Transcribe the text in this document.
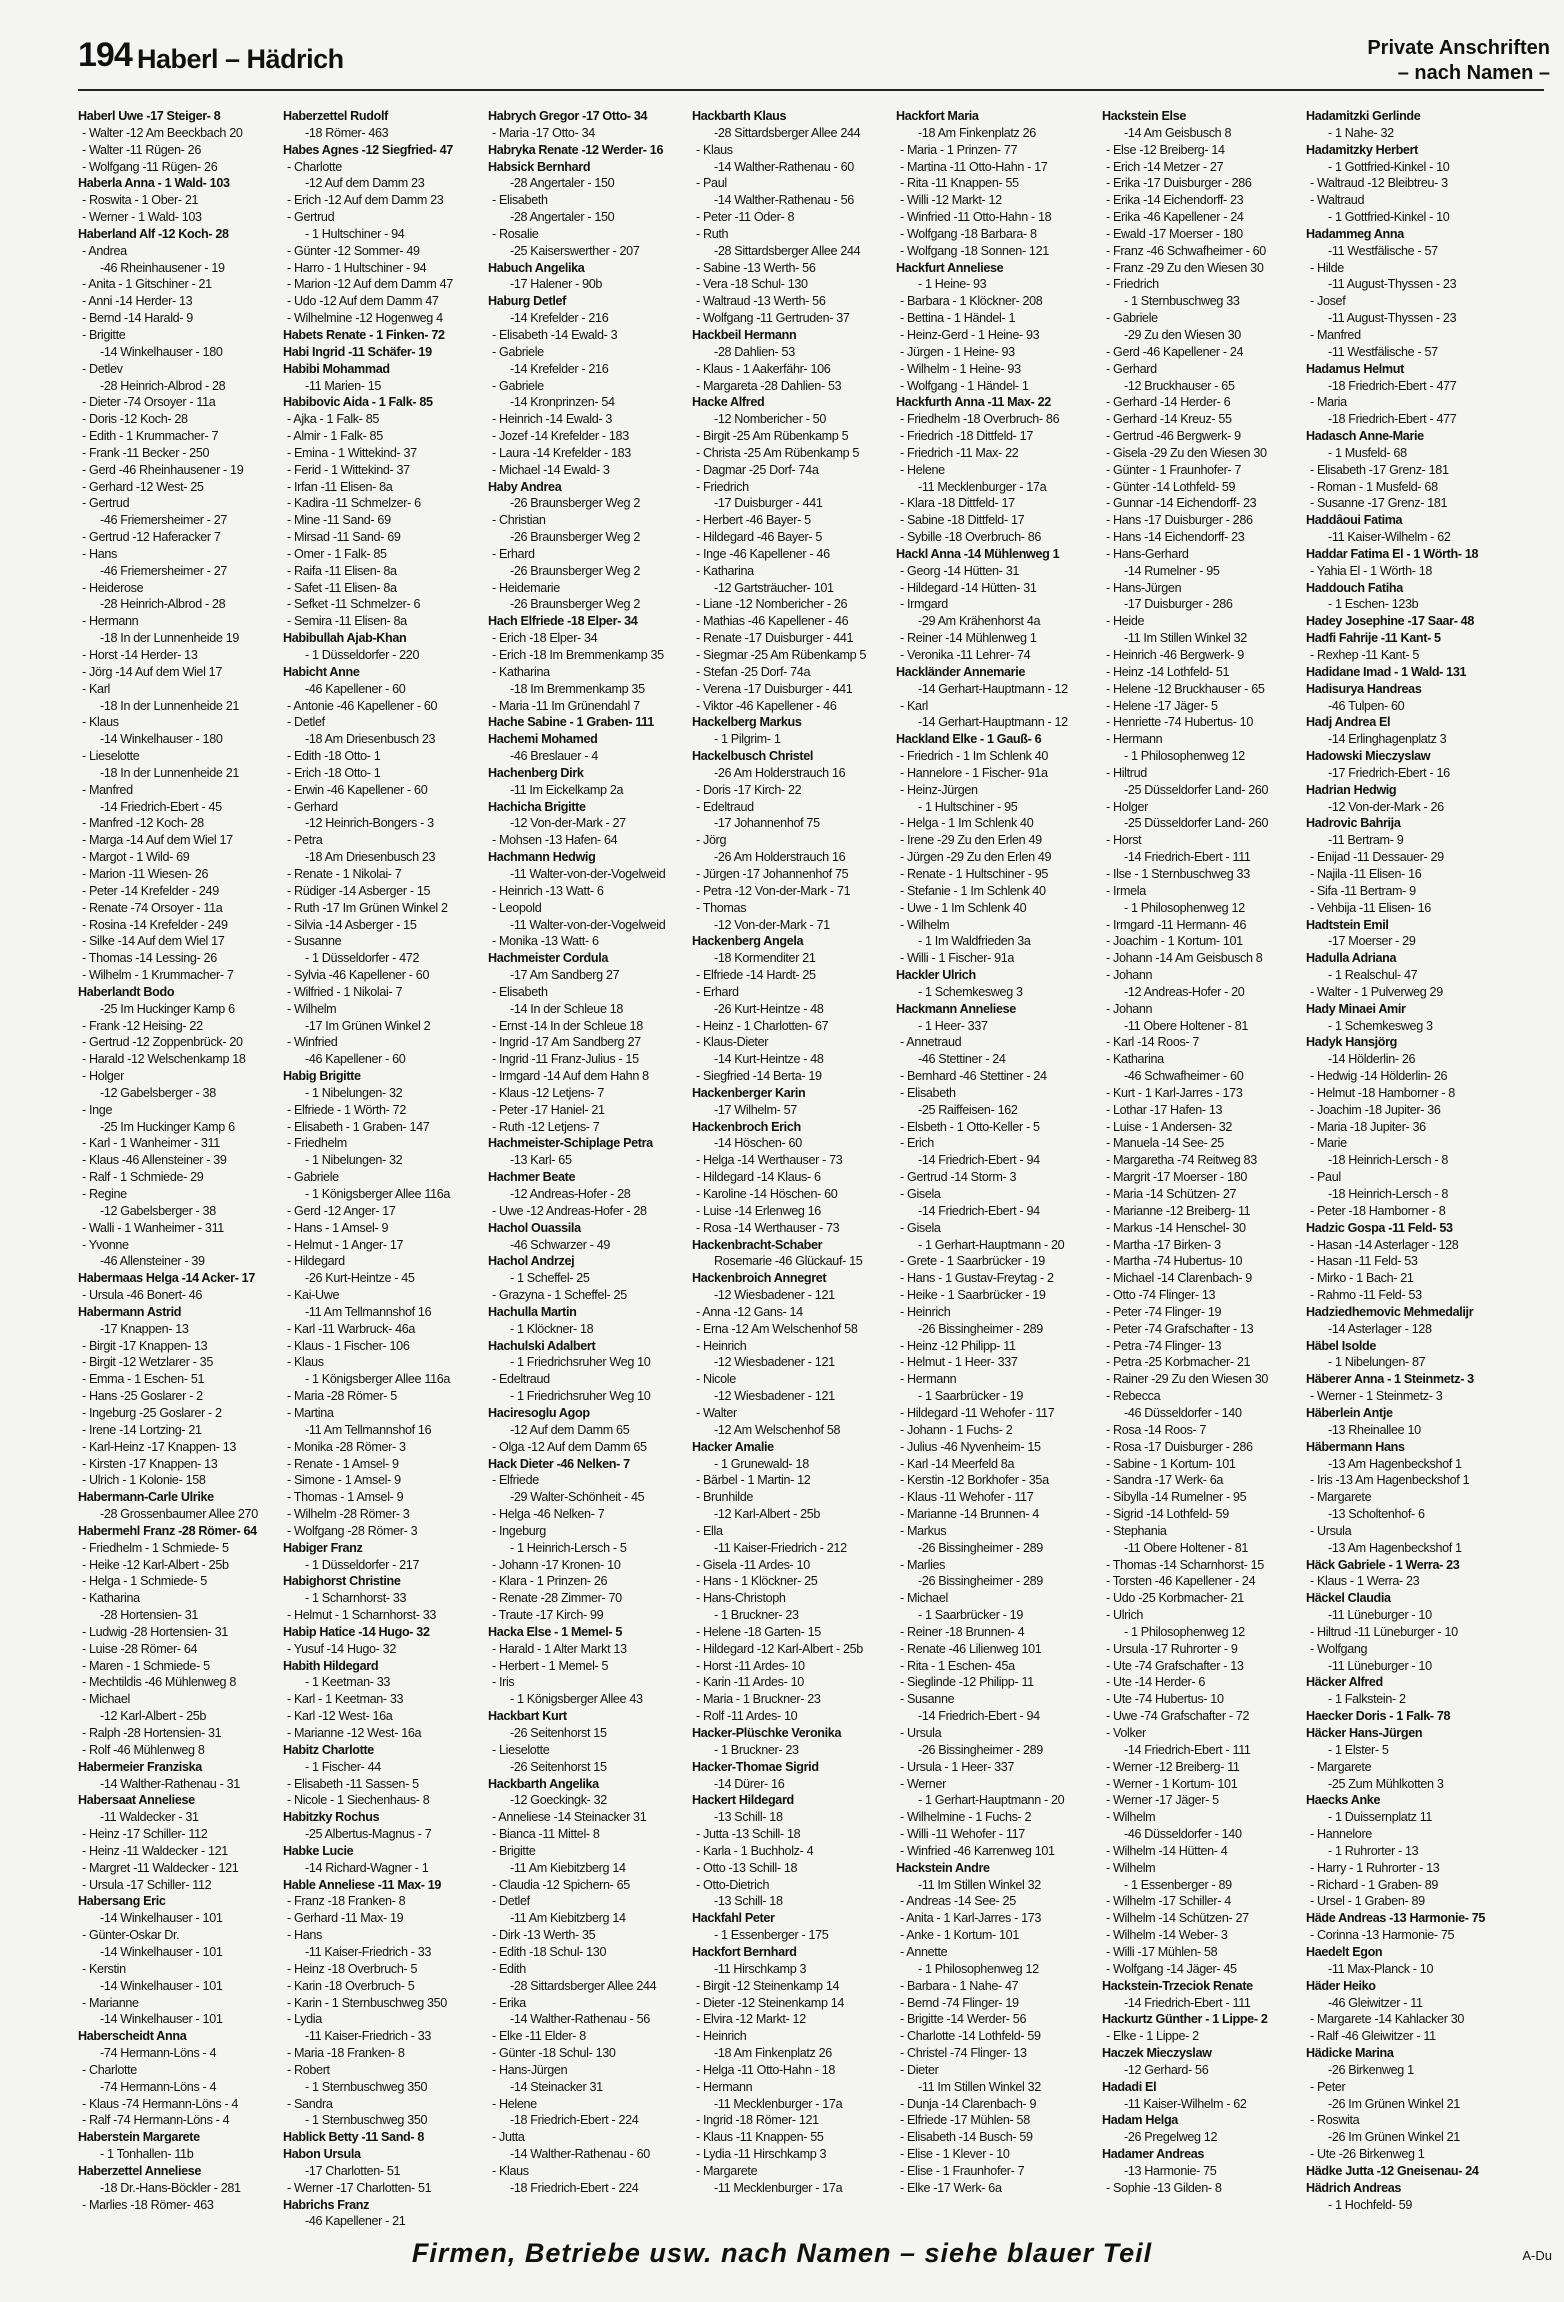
194 Haberl – Hädrich	Private Anschriften
– nach Namen –
Haberl Uwe -17 Steiger- 8
- Walter -12 Am Beeckbach 20
- Walter -11 Rügen- 26
- Wolfgang -11 Rügen- 26
Haberla Anna - 1 Wald- 103
- Roswita - 1 Ober- 21
- Werner - 1 Wald- 103
Haberland Alf -12 Koch- 28
- Andrea
-46 Rheinhausener - 19
- Anita - 1 Gitschiner - 21
- Anni -14 Herder- 13
- Bernd -14 Harald- 9
- Brigitte
-14 Winkelhauser - 180
- Detlev
-28 Heinrich-Albrod - 28
- Dieter -74 Orsoyer - 11a
- Doris -12 Koch- 28
- Edith - 1 Krummacher- 7
- Frank -11 Becker - 250
- Gerd -46 Rheinhausener - 19
- Gerhard -12 West- 25
- Gertrud
-46 Friemersheimer - 27
- Gertrud -12 Haferacker 7
- Hans
-46 Friemersheimer - 27
- Heiderose
-28 Heinrich-Albrod - 28
- Hermann
-18 In der Lunnenheide 19
- Horst -14 Herder- 13
- Jörg -14 Auf dem Wiel 17
- Karl
-18 In der Lunnenheide 21
- Klaus
-14 Winkelhauser - 180
- Lieselotte
-18 In der Lunnenheide 21
- Manfred
-14 Friedrich-Ebert - 45
- Manfred -12 Koch- 28
- Marga -14 Auf dem Wiel 17
- Margot - 1 Wild- 69
- Marion -11 Wiesen- 26
- Peter -14 Krefelder - 249
- Renate -74 Orsoyer - 11a
- Rosina -14 Krefelder - 249
- Silke -14 Auf dem Wiel 17
- Thomas -14 Lessing- 26
- Wilhelm - 1 Krummacher- 7
Haberlandt Bodo
-25 Im Huckinger Kamp 6
- Frank -12 Heising- 22
- Gertrud -12 Zoppenbrück- 20
- Harald -12 Welschenkamp 18
- Holger
-12 Gabelsberger - 38
- Inge
-25 Im Huckinger Kamp 6
- Karl - 1 Wanheimer - 311
- Klaus -46 Allensteiner - 39
- Ralf - 1 Schmiede- 29
- Regine
-12 Gabelsberger - 38
- Walli - 1 Wanheimer - 311
- Yvonne
-46 Allensteiner - 39
Habermaas Helga -14 Acker- 17
- Ursula -46 Bonert- 46
Habermann Astrid
-17 Knappen- 13
- Birgit -17 Knappen- 13
- Birgit -12 Wetzlarer - 35
- Emma - 1 Eschen- 51
- Hans -25 Goslarer - 2
- Ingeburg -25 Goslarer - 2
- Irene -14 Lortzing- 21
- Karl-Heinz -17 Knappen- 13
- Kirsten -17 Knappen- 13
- Ulrich - 1 Kolonie- 158
Habermann-Carle Ulrike
-28 Grossenbaumer Allee 270
Habermehl Franz -28 Römer- 64
- Friedhelm - 1 Schmiede- 5
- Heike -12 Karl-Albert - 25b
- Helga - 1 Schmiede- 5
- Katharina
-28 Hortensien- 31
- Ludwig -28 Hortensien- 31
- Luise -28 Römer- 64
- Maren - 1 Schmiede- 5
- Mechtildis -46 Mühlenweg 8
- Michael
-12 Karl-Albert - 25b
- Ralph -28 Hortensien- 31
- Rolf -46 Mühlenweg 8
Habermeier Franziska
-14 Walther-Rathenau - 31
Habersaat Anneliese
-11 Waldecker - 31
- Heinz -17 Schiller- 112
- Heinz -11 Waldecker - 121
- Margret -11 Waldecker - 121
- Ursula -17 Schiller- 112
Habersang Eric
-14 Winkelhauser - 101
- Günter-Oskar Dr.
-14 Winkelhauser - 101
- Kerstin
-14 Winkelhauser - 101
- Marianne
-14 Winkelhauser - 101
Haberscheidt Anna
-74 Hermann-Löns - 4
- Charlotte
-74 Hermann-Löns - 4
- Klaus -74 Hermann-Löns - 4
- Ralf -74 Hermann-Löns - 4
Haberstein Margarete
- 1 Tonhallen- 11b
Haberzettel Anneliese
-18 Dr.-Hans-Böckler - 281
- Marlies -18 Römer- 463
Haberzettel Rudolf
-18 Römer- 463
Habes Agnes -12 Siegfried- 47
- Charlotte
-12 Auf dem Damm 23
- Erich -12 Auf dem Damm 23
- Gertrud
- 1 Hultschiner - 94
- Günter -12 Sommer- 49
- Harro - 1 Hultschiner - 94
- Marion -12 Auf dem Damm 47
- Udo -12 Auf dem Damm 47
- Wilhelmine -12 Hogenweg 4
Habets Renate - 1 Finken- 72
Habi Ingrid -11 Schäfer- 19
Habibi Mohammad
-11 Marien- 15
Habibovic Aida - 1 Falk- 85
- Ajka - 1 Falk- 85
- Almir - 1 Falk- 85
- Emina - 1 Wittekind- 37
- Ferid - 1 Wittekind- 37
- Irfan -11 Elisen- 8a
- Kadira -11 Schmelzer- 6
- Mine -11 Sand- 69
- Mirsad -11 Sand- 69
- Omer - 1 Falk- 85
- Raifa -11 Elisen- 8a
- Safet -11 Elisen- 8a
- Sefket -11 Schmelzer- 6
- Semira -11 Elisen- 8a
Habibullah Ajab-Khan
- 1 Düsseldorfer - 220
Habicht Anne
-46 Kapellener - 60
- Antonie -46 Kapellener - 60
- Detlef
-18 Am Driesenbusch 23
- Edith -18 Otto- 1
- Erich -18 Otto- 1
- Erwin -46 Kapellener - 60
- Gerhard
-12 Heinrich-Bongers - 3
- Petra
-18 Am Driesenbusch 23
- Renate - 1 Nikolai- 7
- Rüdiger -14 Asberger - 15
- Ruth -17 Im Grünen Winkel 2
- Silvia -14 Asberger - 15
- Susanne
- 1 Düsseldorfer - 472
- Sylvia -46 Kapellener - 60
- Wilfried - 1 Nikolai- 7
- Wilhelm
-17 Im Grünen Winkel 2
- Winfried
-46 Kapellener - 60
Habig Brigitte
- 1 Nibelungen- 32
- Elfriede - 1 Wörth- 72
- Elisabeth - 1 Graben- 147
- Friedhelm
- 1 Nibelungen- 32
- Gabriele
- 1 Königsberger Allee 116a
- Gerd -12 Anger- 17
- Hans - 1 Amsel- 9
- Helmut - 1 Anger- 17
- Hildegard
-26 Kurt-Heintze - 45
- Kai-Uwe
-11 Am Tellmannshof 16
- Karl -11 Warbruck- 46a
- Klaus - 1 Fischer- 106
- Klaus
- 1 Königsberger Allee 116a
- Maria -28 Römer- 5
- Martina
-11 Am Tellmannshof 16
- Monika -28 Römer- 3
- Renate - 1 Amsel- 9
- Simone - 1 Amsel- 9
- Thomas - 1 Amsel- 9
- Wilhelm -28 Römer- 3
- Wolfgang -28 Römer- 3
Habiger Franz
- 1 Düsseldorfer - 217
Habighorst Christine
- 1 Scharnhorst- 33
- Helmut - 1 Scharnhorst- 33
Habip Hatice -14 Hugo- 32
- Yusuf -14 Hugo- 32
Habith Hildegard
- 1 Keetman- 33
- Karl - 1 Keetman- 33
- Karl -12 West- 16a
- Marianne -12 West- 16a
Habitz Charlotte
- 1 Fischer- 44
- Elisabeth -11 Sassen- 5
- Nicole - 1 Siechenhaus- 8
Habitzky Rochus
-25 Albertus-Magnus - 7
Habke Lucie
-14 Richard-Wagner - 1
Hable Anneliese -11 Max- 19
- Franz -18 Franken- 8
- Gerhard -11 Max- 19
- Hans
-11 Kaiser-Friedrich - 33
- Heinz -18 Overbruch- 5
- Karin -18 Overbruch- 5
- Karin - 1 Sternbuschweg 350
- Lydia
-11 Kaiser-Friedrich - 33
- Maria -18 Franken- 8
- Robert
- 1 Sternbuschweg 350
- Sandra
- 1 Sternbuschweg 350
Hablick Betty -11 Sand- 8
Habon Ursula
-17 Charlotten- 51
- Werner -17 Charlotten- 51
Habrichs Franz
-46 Kapellener - 21
Habrych Gregor -17 Otto- 34
- Maria -17 Otto- 34
Habryka Renate -12 Werder- 16
Habsick Bernhard
-28 Angertaler - 150
- Elisabeth
-28 Angertaler - 150
- Rosalie
-25 Kaiserswerther - 207
Habuch Angelika
-17 Halener - 90b
Haburg Detlef
-14 Krefelder - 216
- Elisabeth -14 Ewald- 3
- Gabriele
-14 Krefelder - 216
- Gabriele
-14 Kronprinzen- 54
- Heinrich -14 Ewald- 3
- Jozef -14 Krefelder - 183
- Laura -14 Krefelder - 183
- Michael -14 Ewald- 3
Haby Andrea
-26 Braunsberger Weg 2
- Christian
-26 Braunsberger Weg 2
- Erhard
-26 Braunsberger Weg 2
- Heidemarie
-26 Braunsberger Weg 2
Hach Elfriede -18 Elper- 34
- Erich -18 Elper- 34
- Erich -18 Im Bremmenkamp 35
- Katharina
-18 Im Bremmenkamp 35
- Maria -11 Im Grünendahl 7
Hache Sabine - 1 Graben- 111
Hachemi Mohamed
-46 Breslauer - 4
Hachenberg Dirk
-11 Im Eickelkamp 2a
Hachicha Brigitte
-12 Von-der-Mark - 27
- Mohsen -13 Hafen- 64
Hachmann Hedwig
-11 Walter-von-der-Vogelweid
- Heinrich -13 Watt- 6
- Leopold
-11 Walter-von-der-Vogelweid
- Monika -13 Watt- 6
Hachmeister Cordula
-17 Am Sandberg 27
- Elisabeth
-14 In der Schleue 18
- Ernst -14 In der Schleue 18
- Ingrid -17 Am Sandberg 27
- Ingrid -11 Franz-Julius - 15
- Irmgard -14 Auf dem Hahn 8
- Klaus -12 Letjens- 7
- Peter -17 Haniel- 21
- Ruth -12 Letjens- 7
Hachmeister-Schiplage Petra
-13 Karl- 65
Hachmer Beate
-12 Andreas-Hofer - 28
- Uwe -12 Andreas-Hofer - 28
Hachol Ouassila
-46 Schwarzer - 49
Hachol Andrzej
- 1 Scheffel- 25
- Grazyna - 1 Scheffel- 25
Hachulla Martin
- 1 Klöckner- 18
Hachulski Adalbert
- 1 Friedrichsruher Weg 10
- Edeltraud
- 1 Friedrichsruher Weg 10
Haciresoglu Agop
-12 Auf dem Damm 65
- Olga -12 Auf dem Damm 65
Hack Dieter -46 Nelken- 7
- Elfriede
-29 Walter-Schönheit - 45
- Helga -46 Nelken- 7
- Ingeburg
- 1 Heinrich-Lersch - 5
- Johann -17 Kronen- 10
- Klara - 1 Prinzen- 26
- Renate -28 Zimmer- 70
- Traute -17 Kirch- 99
Hacka Else - 1 Memel- 5
- Harald - 1 Alter Markt 13
- Herbert - 1 Memel- 5
- Iris
- 1 Königsberger Allee 43
Hackbart Kurt
-26 Seitenhorst 15
- Lieselotte
-26 Seitenhorst 15
Hackbarth Angelika
-12 Goeckingk- 32
- Anneliese -14 Steinacker 31
- Bianca -11 Mittel- 8
- Brigitte
-11 Am Kiebitzberg 14
- Claudia -12 Spichern- 65
- Detlef
-11 Am Kiebitzberg 14
- Dirk -13 Werth- 35
- Edith -18 Schul- 130
- Edith
-28 Sittardsberger Allee 244
- Erika
-14 Walther-Rathenau - 56
- Elke -11 Elder- 8
- Günter -18 Schul- 130
- Hans-Jürgen
-14 Steinacker 31
- Helene
-18 Friedrich-Ebert - 224
- Jutta
-14 Walther-Rathenau - 60
- Klaus
-18 Friedrich-Ebert - 224
Hackbarth Klaus
-28 Sittardsberger Allee 244
- Klaus
-14 Walther-Rathenau - 60
- Paul
-14 Walther-Rathenau - 56
- Peter -11 Oder- 8
- Ruth
-28 Sittardsberger Allee 244
- Sabine -13 Werth- 56
- Vera -18 Schul- 130
- Waltraud -13 Werth- 56
- Wolfgang -11 Gertruden- 37
Hackbeil Hermann
-28 Dahlien- 53
- Klaus - 1 Aakerfähr- 106
- Margareta -28 Dahlien- 53
Hacke Alfred
-12 Nombericher - 50
- Birgit -25 Am Rübenkamp 5
- Christa -25 Am Rübenkamp 5
- Dagmar -25 Dorf- 74a
- Friedrich
-17 Duisburger - 441
- Herbert -46 Bayer- 5
- Hildegard -46 Bayer- 5
- Inge -46 Kapellener - 46
- Katharina
-12 Gartsträucher- 101
- Liane -12 Nombericher - 26
- Mathias -46 Kapellener - 46
- Renate -17 Duisburger - 441
- Siegmar -25 Am Rübenkamp 5
- Stefan -25 Dorf- 74a
- Verena -17 Duisburger - 441
- Viktor -46 Kapellener - 46
Hackelberg Markus
- 1 Pilgrim- 1
Hackelbusch Christel
-26 Am Holderstrauch 16
- Doris -17 Kirch- 22
- Edeltraud
-17 Johannenhof 75
- Jörg
-26 Am Holderstrauch 16
- Jürgen -17 Johannenhof 75
- Petra -12 Von-der-Mark - 71
- Thomas
-12 Von-der-Mark - 71
Hackenberg Angela
-18 Kormenditer 21
- Elfriede -14 Hardt- 25
- Erhard
-26 Kurt-Heintze - 48
- Heinz - 1 Charlotten- 67
- Klaus-Dieter
-14 Kurt-Heintze - 48
- Siegfried -14 Berta- 19
Hackenberger Karin
-17 Wilhelm- 57
Hackenbroch Erich
-14 Höschen- 60
- Helga -14 Werthauser - 73
- Hildegard -14 Klaus- 6
- Karoline -14 Höschen- 60
- Luise -14 Erlenweg 16
- Rosa -14 Werthauser - 73
Hackenbracht-Schaber
Rosemarie -46 Glückauf- 15
Hackenbroich Annegret
-12 Wiesbadener - 121
- Anna -12 Gans- 14
- Erna -12 Am Welschenhof 58
- Heinrich
-12 Wiesbadener - 121
- Nicole
-12 Wiesbadener - 121
- Walter
-12 Am Welschenhof 58
Hacker Amalie
- 1 Grunewald- 18
- Bärbel - 1 Martin- 12
- Brunhilde
-12 Karl-Albert - 25b
- Ella
-11 Kaiser-Friedrich - 212
- Gisela -11 Ardes- 10
- Hans - 1 Klöckner- 25
- Hans-Christoph
- 1 Bruckner- 23
- Helene -18 Garten- 15
- Hildegard -12 Karl-Albert - 25b
- Horst -11 Ardes- 10
- Karin -11 Ardes- 10
- Maria - 1 Bruckner- 23
- Rolf -11 Ardes- 10
Hacker-Plüschke Veronika
- 1 Bruckner- 23
Hacker-Thomae Sigrid
-14 Dürer- 16
Hackert Hildegard
-13 Schill- 18
- Jutta -13 Schill- 18
- Karla - 1 Buchholz- 4
- Otto -13 Schill- 18
- Otto-Dietrich
-13 Schill- 18
Hackfahl Peter
- 1 Essenberger - 175
Hackfort Bernhard
-11 Hirschkamp 3
- Birgit -12 Steinenkamp 14
- Dieter -12 Steinenkamp 14
- Elvira -12 Markt- 12
- Heinrich
-18 Am Finkenplatz 26
- Helga -11 Otto-Hahn - 18
- Hermann
-11 Mecklenburger - 17a
- Ingrid -18 Römer- 121
- Klaus -11 Knappen- 55
- Lydia -11 Hirschkamp 3
- Margarete
-11 Mecklenburger - 17a
Hackfort Maria
-18 Am Finkenplatz 26
- Maria - 1 Prinzen- 77
- Martina -11 Otto-Hahn - 17
- Rita -11 Knappen- 55
- Willi -12 Markt- 12
- Winfried -11 Otto-Hahn - 18
- Wolfgang -18 Barbara- 8
- Wolfgang -18 Sonnen- 121
Hackfurt Anneliese
- 1 Heine- 93
- Barbara - 1 Klöckner- 208
- Bettina - 1 Händel- 1
- Heinz-Gerd - 1 Heine- 93
- Jürgen - 1 Heine- 93
- Wilhelm - 1 Heine- 93
- Wolfgang - 1 Händel- 1
Hackfurth Anna -11 Max- 22
- Friedhelm -18 Overbruch- 86
- Friedrich -18 Dittfeld- 17
- Friedrich -11 Max- 22
- Helene
-11 Mecklenburger - 17a
- Klara -18 Dittfeld- 17
- Sabine -18 Dittfeld- 17
- Sybille -18 Overbruch- 86
Hackl Anna -14 Mühlenweg 1
- Georg -14 Hütten- 31
- Hildegard -14 Hütten- 31
- Irmgard
-29 Am Krähenhorst 4a
- Reiner -14 Mühlenweg 1
- Veronika -11 Lehrer- 74
Hackländer Annemarie
-14 Gerhart-Hauptmann - 12
- Karl
-14 Gerhart-Hauptmann - 12
Hackland Elke - 1 Gauß- 6
- Friedrich - 1 Im Schlenk 40
- Hannelore - 1 Fischer- 91a
- Heinz-Jürgen
- 1 Hultschiner - 95
- Helga - 1 Im Schlenk 40
- Irene -29 Zu den Erlen 49
- Jürgen -29 Zu den Erlen 49
- Renate - 1 Hultschiner - 95
- Stefanie - 1 Im Schlenk 40
- Uwe - 1 Im Schlenk 40
- Wilhelm
- 1 Im Waldfrieden 3a
- Willi - 1 Fischer- 91a
Hackler Ulrich
- 1 Schemkesweg 3
Hackmann Anneliese
- 1 Heer- 337
- Annetraud
-46 Stettiner - 24
- Bernhard -46 Stettiner - 24
- Elisabeth
-25 Raiffeisen- 162
- Elsbeth - 1 Otto-Keller - 5
- Erich
-14 Friedrich-Ebert - 94
- Gertrud -14 Storm- 3
- Gisela
-14 Friedrich-Ebert - 94
- Gisela
- 1 Gerhart-Hauptmann - 20
- Grete - 1 Saarbrücker - 19
- Hans - 1 Gustav-Freytag - 2
- Heike - 1 Saarbrücker - 19
- Heinrich
-26 Bissingheimer - 289
- Heinz -12 Philipp- 11
- Helmut - 1 Heer- 337
- Hermann
- 1 Saarbrücker - 19
- Hildegard -11 Wehofer - 117
- Johann - 1 Fuchs- 2
- Julius -46 Nyvenheim- 15
- Karl -14 Meerfeld 8a
- Kerstin -12 Borkhofer - 35a
- Klaus -11 Wehofer - 117
- Marianne -14 Brunnen- 4
- Markus
-26 Bissingheimer - 289
- Marlies
-26 Bissingheimer - 289
- Michael
- 1 Saarbrücker - 19
- Reiner -18 Brunnen- 4
- Renate -46 Lilienweg 101
- Rita - 1 Eschen- 45a
- Sieglinde -12 Philipp- 11
- Susanne
-14 Friedrich-Ebert - 94
- Ursula
-26 Bissingheimer - 289
- Ursula - 1 Heer- 337
- Werner
- 1 Gerhart-Hauptmann - 20
- Wilhelmine - 1 Fuchs- 2
- Willi -11 Wehofer - 117
- Winfried -46 Karrenweg 101
Hackstein Andre
-11 Im Stillen Winkel 32
- Andreas -14 See- 25
- Anita - 1 Karl-Jarres - 173
- Anke - 1 Kortum- 101
- Annette
- 1 Philosophenweg 12
- Barbara - 1 Nahe- 47
- Bernd -74 Flinger- 19
- Brigitte -14 Werder- 56
- Charlotte -14 Lothfeld- 59
- Christel -74 Flinger- 13
- Dieter
-11 Im Stillen Winkel 32
- Dunja -14 Clarenbach- 9
- Elfriede -17 Mühlen- 58
- Elisabeth -14 Busch- 59
- Elise - 1 Klever - 10
- Elise - 1 Fraunhofer- 7
- Elke -17 Werk- 6a
Hackstein Else
-14 Am Geisbusch 8
- Else -12 Breiberg- 14
- Erich -14 Metzer - 27
- Erika -17 Duisburger - 286
- Erika -14 Eichendorff- 23
- Erika -46 Kapellener - 24
- Ewald -17 Moerser - 180
- Franz -46 Schwafheimer - 60
- Franz -29 Zu den Wiesen 30
- Friedrich
- 1 Sternbuschweg 33
- Gabriele
-29 Zu den Wiesen 30
- Gerd -46 Kapellener - 24
- Gerhard
-12 Bruckhauser - 65
- Gerhard -14 Herder- 6
- Gerhard -14 Kreuz- 55
- Gertrud -46 Bergwerk- 9
- Gisela -29 Zu den Wiesen 30
- Günter - 1 Fraunhofer- 7
- Günter -14 Lothfeld- 59
- Gunnar -14 Eichendorff- 23
- Hans -17 Duisburger - 286
- Hans -14 Eichendorff- 23
- Hans-Gerhard
-14 Rumelner - 95
- Hans-Jürgen
-17 Duisburger - 286
- Heide
-11 Im Stillen Winkel 32
- Heinrich -46 Bergwerk- 9
- Heinz -14 Lothfeld- 51
- Helene -12 Bruckhauser - 65
- Helene -17 Jäger- 5
- Henriette -74 Hubertus- 10
- Hermann
- 1 Philosophenweg 12
- Hiltrud
-25 Düsseldorfer Land- 260
- Holger
-25 Düsseldorfer Land- 260
- Horst
-14 Friedrich-Ebert - 111
- Ilse - 1 Sternbuschweg 33
- Irmela
- 1 Philosophenweg 12
- Irmgard -11 Hermann- 46
- Joachim - 1 Kortum- 101
- Johann -14 Am Geisbusch 8
- Johann
-12 Andreas-Hofer - 20
- Johann
-11 Obere Holtener - 81
- Karl -14 Roos- 7
- Katharina
-46 Schwafheimer - 60
- Kurt - 1 Karl-Jarres - 173
- Lothar -17 Hafen- 13
- Luise - 1 Andersen- 32
- Manuela -14 See- 25
- Margaretha -74 Reitweg 83
- Margrit -17 Moerser - 180
- Maria -14 Schützen- 27
- Marianne -12 Breiberg- 11
- Markus -14 Henschel- 30
- Martha -17 Birken- 3
- Martha -74 Hubertus- 10
- Michael -14 Clarenbach- 9
- Otto -74 Flinger- 13
- Peter -74 Flinger- 19
- Peter -74 Grafschafter - 13
- Petra -74 Flinger- 13
- Petra -25 Korbmacher- 21
- Rainer -29 Zu den Wiesen 30
- Rebecca
-46 Düsseldorfer - 140
- Rosa -14 Roos- 7
- Rosa -17 Duisburger - 286
- Sabine - 1 Kortum- 101
- Sandra -17 Werk- 6a
- Sibylla -14 Rumelner - 95
- Sigrid -14 Lothfeld- 59
- Stephania
-11 Obere Holtener - 81
- Thomas -14 Scharnhorst- 15
- Torsten -46 Kapellener - 24
- Udo -25 Korbmacher- 21
- Ulrich
- 1 Philosophenweg 12
- Ursula -17 Ruhrorter - 9
- Ute -74 Grafschafter - 13
- Ute -14 Herder- 6
- Ute -74 Hubertus- 10
- Uwe -74 Grafschafter - 72
- Volker
-14 Friedrich-Ebert - 111
- Werner -12 Breiberg- 11
- Werner - 1 Kortum- 101
- Werner -17 Jäger- 5
- Wilhelm
-46 Düsseldorfer - 140
- Wilhelm -14 Hütten- 4
- Wilhelm
- 1 Essenberger - 89
- Wilhelm -17 Schiller- 4
- Wilhelm -14 Schützen- 27
- Wilhelm -14 Weber- 3
- Willi -17 Mühlen- 58
- Wolfgang -14 Jäger- 45
Hackstein-Trzeciok Renate
-14 Friedrich-Ebert - 111
Hackurtz Günther - 1 Lippe- 2
- Elke - 1 Lippe- 2
Haczek Mieczyslaw
-12 Gerhard- 56
Hadadi El
-11 Kaiser-Wilhelm - 62
Hadam Helga
-26 Pregelweg 12
Hadamer Andreas
-13 Harmonie- 75
- Sophie -13 Gilden- 8
Hadamitzki Gerlinde
- 1 Nahe- 32
Hadamitzky Herbert
- 1 Gottfried-Kinkel - 10
- Waltraud -12 Bleibtreu- 3
- Waltraud
- 1 Gottfried-Kinkel - 10
Hadammeg Anna
-11 Westfälische - 57
- Hilde
-11 August-Thyssen - 23
- Josef
-11 August-Thyssen - 23
- Manfred
-11 Westfälische - 57
Hadamus Helmut
-18 Friedrich-Ebert - 477
- Maria
-18 Friedrich-Ebert - 477
Hadasch Anne-Marie
- 1 Musfeld- 68
- Elisabeth -17 Grenz- 181
- Roman - 1 Musfeld- 68
- Susanne -17 Grenz- 181
Haddâoui Fatima
-11 Kaiser-Wilhelm - 62
Haddar Fatima El - 1 Wörth- 18
- Yahia El - 1 Wörth- 18
Haddouch Fatiha
- 1 Eschen- 123b
Hadey Josephine -17 Saar- 48
Hadfi Fahrije -11 Kant- 5
- Rexhep -11 Kant- 5
Hadidane Imad - 1 Wald- 131
Hadisurya Handreas
-46 Tulpen- 60
Hadj Andrea El
-14 Erlinghagenplatz 3
Hadowski Mieczyslaw
-17 Friedrich-Ebert - 16
Hadrian Hedwig
-12 Von-der-Mark - 26
Hadrovic Bahrija
-11 Bertram- 9
- Enijad -11 Dessauer- 29
- Najila -11 Elisen- 16
- Sifa -11 Bertram- 9
- Vehbija -11 Elisen- 16
Hadtstein Emil
-17 Moerser - 29
Hadulla Adriana
- 1 Realschul- 47
- Walter - 1 Pulverweg 29
Hady Minaei Amir
- 1 Schemkesweg 3
Hadyk Hansjörg
-14 Hölderlin- 26
- Hedwig -14 Hölderlin- 26
- Helmut -18 Hamborner - 8
- Joachim -18 Jupiter- 36
- Maria -18 Jupiter- 36
- Marie
-18 Heinrich-Lersch - 8
- Paul
-18 Heinrich-Lersch - 8
- Peter -18 Hamborner - 8
Hadzic Gospa -11 Feld- 53
- Hasan -14 Asterlager - 128
- Hasan -11 Feld- 53
- Mirko - 1 Bach- 21
- Rahmo -11 Feld- 53
Hadziedhemovic Mehmedalijr
-14 Asterlager - 128
Häbel Isolde
- 1 Nibelungen- 87
Häberer Anna - 1 Steinmetz- 3
- Werner - 1 Steinmetz- 3
Häberlein Antje
-13 Rheinallee 10
Häbermann Hans
-13 Am Hagenbeckshof 1
- Iris -13 Am Hagenbeckshof 1
- Margarete
-13 Scholtenhof- 6
- Ursula
-13 Am Hagenbeckshof 1
Häck Gabriele - 1 Werra- 23
- Klaus - 1 Werra- 23
Häckel Claudia
-11 Lüneburger - 10
- Hiltrud -11 Lüneburger - 10
- Wolfgang
-11 Lüneburger - 10
Häcker Alfred
- 1 Falkstein- 2
Haecker Doris - 1 Falk- 78
Häcker Hans-Jürgen
- 1 Elster- 5
- Margarete
-25 Zum Mühlkotten 3
Haecks Anke
- 1 Duissernplatz 11
- Hannelore
- 1 Ruhrorter - 13
- Harry - 1 Ruhrorter - 13
- Richard - 1 Graben- 89
- Ursel - 1 Graben- 89
Häde Andreas -13 Harmonie- 75
- Corinna -13 Harmonie- 75
Haedelt Egon
-11 Max-Planck - 10
Häder Heiko
-46 Gleiwitzer - 11
- Margarete -14 Kahlacker 30
- Ralf -46 Gleiwitzer - 11
Hädicke Marina
-26 Birkenweg 1
- Peter
-26 Im Grünen Winkel 21
- Roswita
-26 Im Grünen Winkel 21
- Ute -26 Birkenweg 1
Hädke Jutta -12 Gneisenau- 24
Hädrich Andreas
- 1 Hochfeld- 59
Firmen, Betriebe usw. nach Namen – siehe blauer Teil	A-Du
